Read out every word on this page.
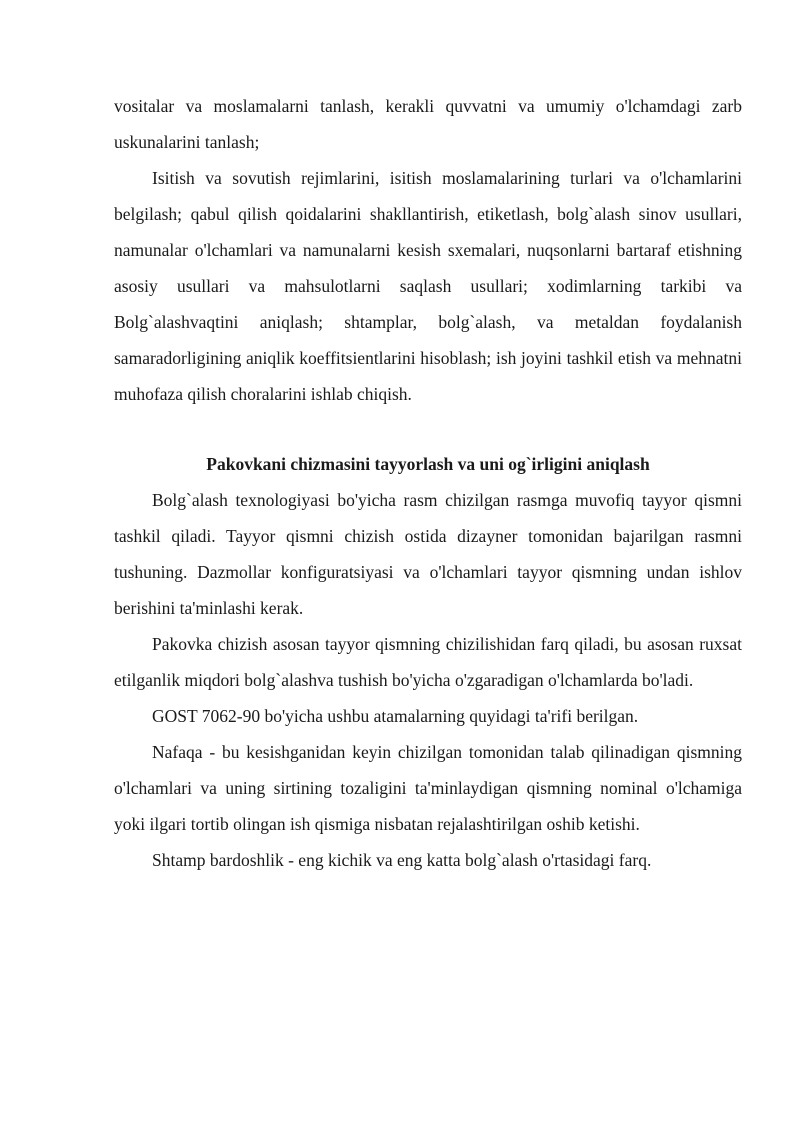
vositalar va moslamalarni tanlash, kerakli quvvatni va umumiy o'lchamdagi zarb uskunalarini tanlash;

Isitish va sovutish rejimlarini, isitish moslamalarining turlari va o'lchamlarini belgilash; qabul qilish qoidalarini shakllantirish, etiketlash, bolg`alash sinov usullari, namunalar o'lchamlari va namunalarni kesish sxemalari, nuqsonlarni bartaraf etishning asosiy usullari va mahsulotlarni saqlash usullari; xodimlarning tarkibi va Bolg`alashvaqtini aniqlash; shtamplar, bolg`alash, va metaldan foydalanish samaradorligining aniqlik koeffitsientlarini hisoblash; ish joyini tashkil etish va mehnatni muhofaza qilish choralarini ishlab chiqish.

Pakovkani chizmasini tayyorlash va uni og`irligini aniqlash

Bolg`alash texnologiyasi bo'yicha rasm chizilgan rasmga muvofiq tayyor qismni tashkil qiladi. Tayyor qismni chizish ostida dizayner tomonidan bajarilgan rasmni tushuning. Dazmollar konfiguratsiyasi va o'lchamlari tayyor qismning undan ishlov berishini ta'minlashi kerak.

Pakovka chizish asosan tayyor qismning chizilishidan farq qiladi, bu asosan ruxsat etilganlik miqdori bolg`alashva tushish bo'yicha o'zgaradigan o'lchamlarda bo'ladi.

GOST 7062-90 bo'yicha ushbu atamalarning quyidagi ta'rifi berilgan.

Nafaqa - bu kesishganidan keyin chizilgan tomonidan talab qilinadigan qismning o'lchamlari va uning sirtining tozaligini ta'minlaydigan qismning nominal o'lchamiga yoki ilgari tortib olingan ish qismiga nisbatan rejalashtirilgan oshib ketishi.

Shtamp bardoshlik - eng kichik va eng katta bolg`alash o'rtasidagi farq.
